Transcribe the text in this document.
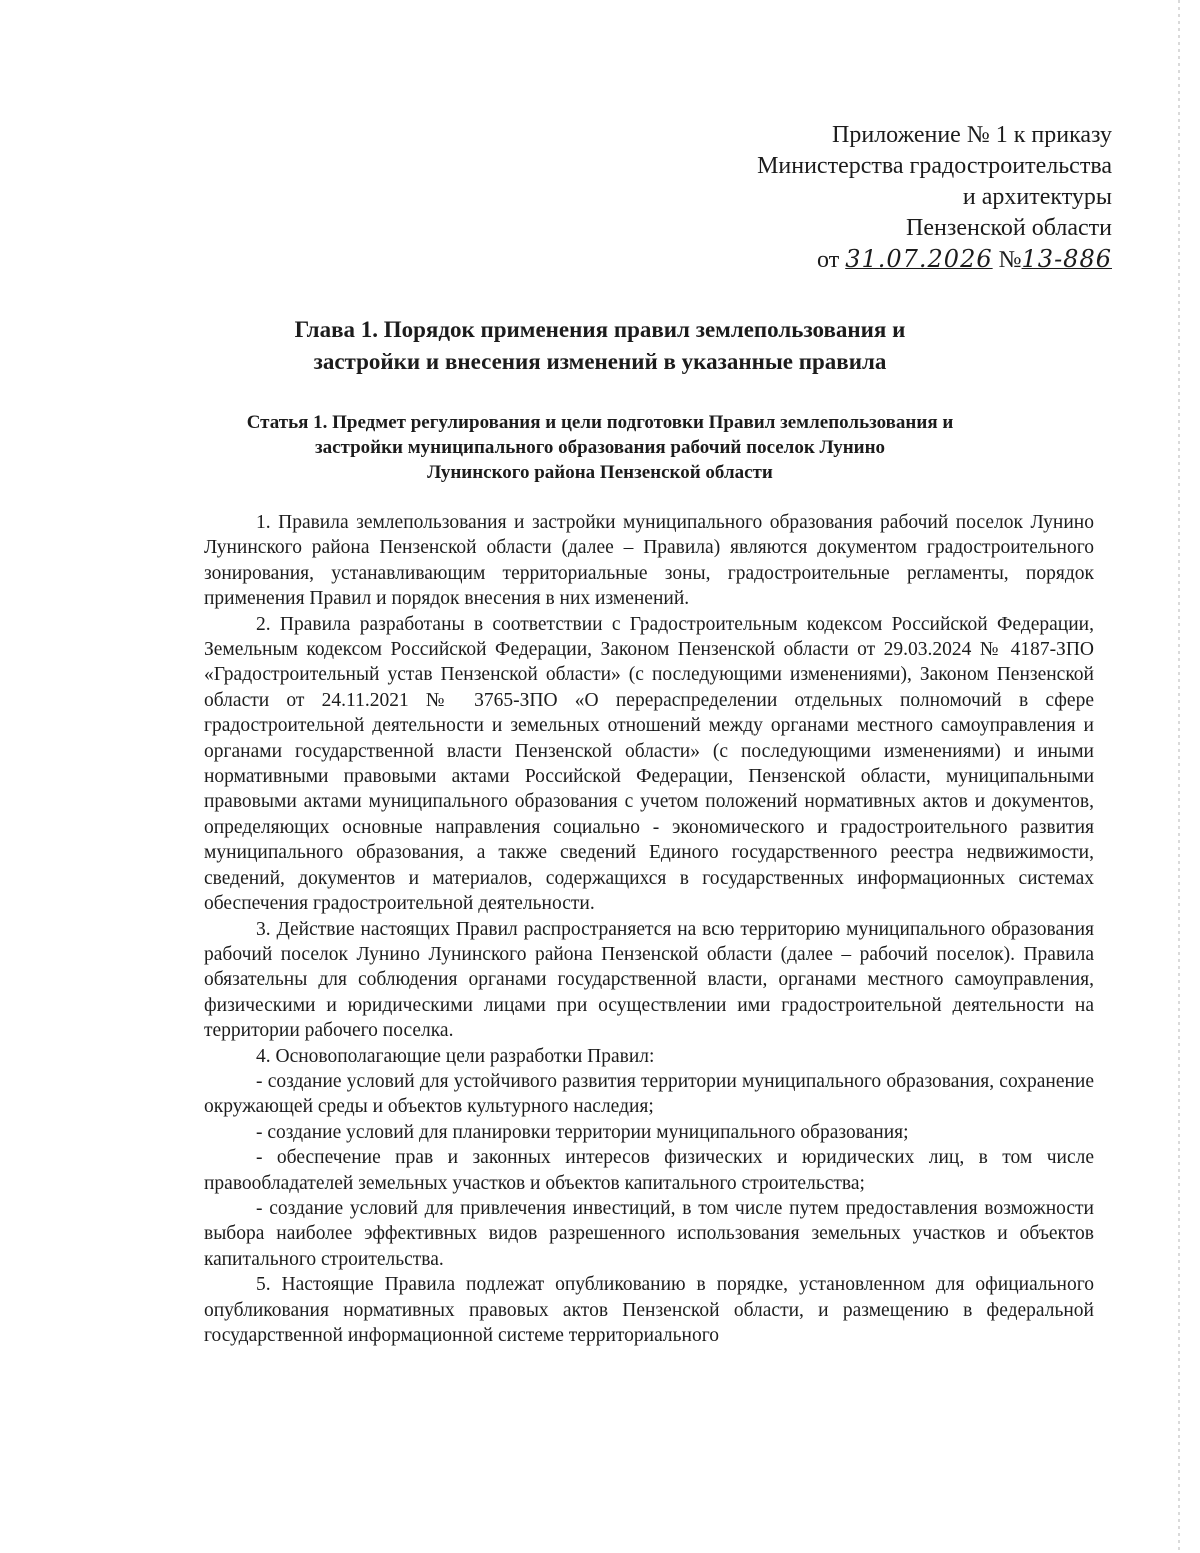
Приложение № 1 к приказу
Министерства градостроительства
и архитектуры
Пензенской области
от 31.07.2026 №13-886
Глава 1. Порядок применения правил землепользования и
застройки и внесения изменений в указанные правила
Статья 1. Предмет регулирования и цели подготовки Правил землепользования и
застройки муниципального образования рабочий поселок Лунино
Лунинского района Пензенской области

1. Правила землепользования и застройки муниципального образования рабочий поселок Лунино Лунинского района Пензенской области (далее – Правила) являются документом градостроительного зонирования, устанавливающим территориальные зоны, градостроительные регламенты, порядок применения Правил и порядок внесения в них изменений.

2. Правила разработаны в соответствии с Градостроительным кодексом Российской Федерации, Земельным кодексом Российской Федерации, Законом Пензенской области от 29.03.2024 № 4187-ЗПО «Градостроительный устав Пензенской области» (с последующими изменениями), Законом Пензенской области от 24.11.2021 № 3765-ЗПО «О перераспределении отдельных полномочий в сфере градостроительной деятельности и земельных отношений между органами местного самоуправления и органами государственной власти Пензенской области» (с последующими изменениями) и иными нормативными правовыми актами Российской Федерации, Пензенской области, муниципальными правовыми актами муниципального образования с учетом положений нормативных актов и документов, определяющих основные направления социально - экономического и градостроительного развития муниципального образования, а также сведений Единого государственного реестра недвижимости, сведений, документов и материалов, содержащихся в государственных информационных системах обеспечения градостроительной деятельности.

3. Действие настоящих Правил распространяется на всю территорию муниципального образования рабочий поселок Лунино Лунинского района Пензенской области (далее – рабочий поселок). Правила обязательны для соблюдения органами государственной власти, органами местного самоуправления, физическими и юридическими лицами при осуществлении ими градостроительной деятельности на территории рабочего поселка.

4. Основополагающие цели разработки Правил:

- создание условий для устойчивого развития территории муниципального образования, сохранение окружающей среды и объектов культурного наследия;

- создание условий для планировки территории муниципального образования;

- обеспечение прав и законных интересов физических и юридических лиц, в том числе правообладателей земельных участков и объектов капитального строительства;

- создание условий для привлечения инвестиций, в том числе путем предоставления возможности выбора наиболее эффективных видов разрешенного использования земельных участков и объектов капитального строительства.

5. Настоящие Правила подлежат опубликованию в порядке, установленном для официального опубликования нормативных правовых актов Пензенской области, и размещению в федеральной государственной информационной системе территориального
